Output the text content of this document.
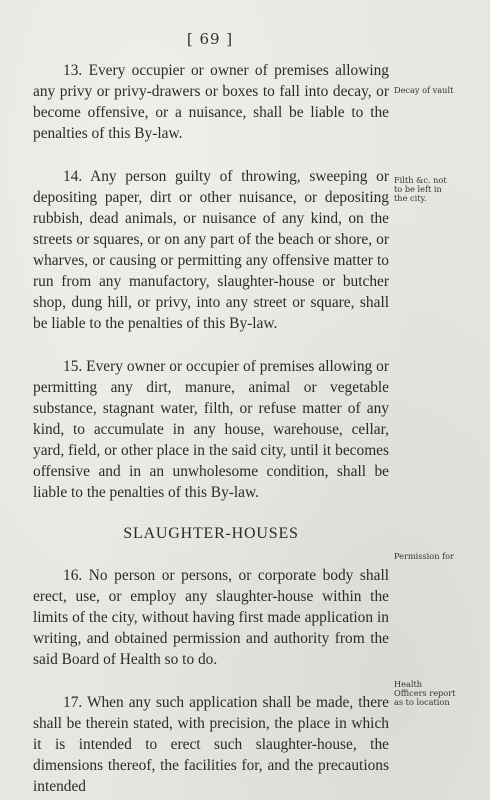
[ 69 ]

13. Every occupier or owner of premises allowing any privy or privy-drawers or boxes to fall into decay, or become offensive, or a nuisance, shall be liable to the penalties of this By-law.

14. Any person guilty of throwing, sweeping or depositing paper, dirt or other nuisance, or depositing rubbish, dead animals, or nuisance of any kind, on the streets or squares, or on any part of the beach or shore, or wharves, or causing or permitting any offensive matter to run from any manufactory, slaughter-house or butcher shop, dung hill, or privy, into any street or square, shall be liable to the penalties of this By-law.

15. Every owner or occupier of premises allowing or permitting any dirt, manure, animal or vegetable substance, stagnant water, filth, or refuse matter of any kind, to accumulate in any house, warehouse, cellar, yard, field, or other place in the said city, until it becomes offensive and in an unwholesome condition, shall be liable to the penalties of this By-law.

SLAUGHTER-HOUSES

16. No person or persons, or corporate body shall erect, use, or employ any slaughter-house within the limits of the city, without having first made application in writing, and obtained permission and authority from the said Board of Health so to do.

17. When any such application shall be made, there shall be therein stated, with precision, the place in which it is intended to erect such slaughter-house, the dimensions thereof, the facilities for, and the precautions intended

Decay of vault
Filth &c. not
to be left in
the city.
Permission for
Health
Officers report
as to location
